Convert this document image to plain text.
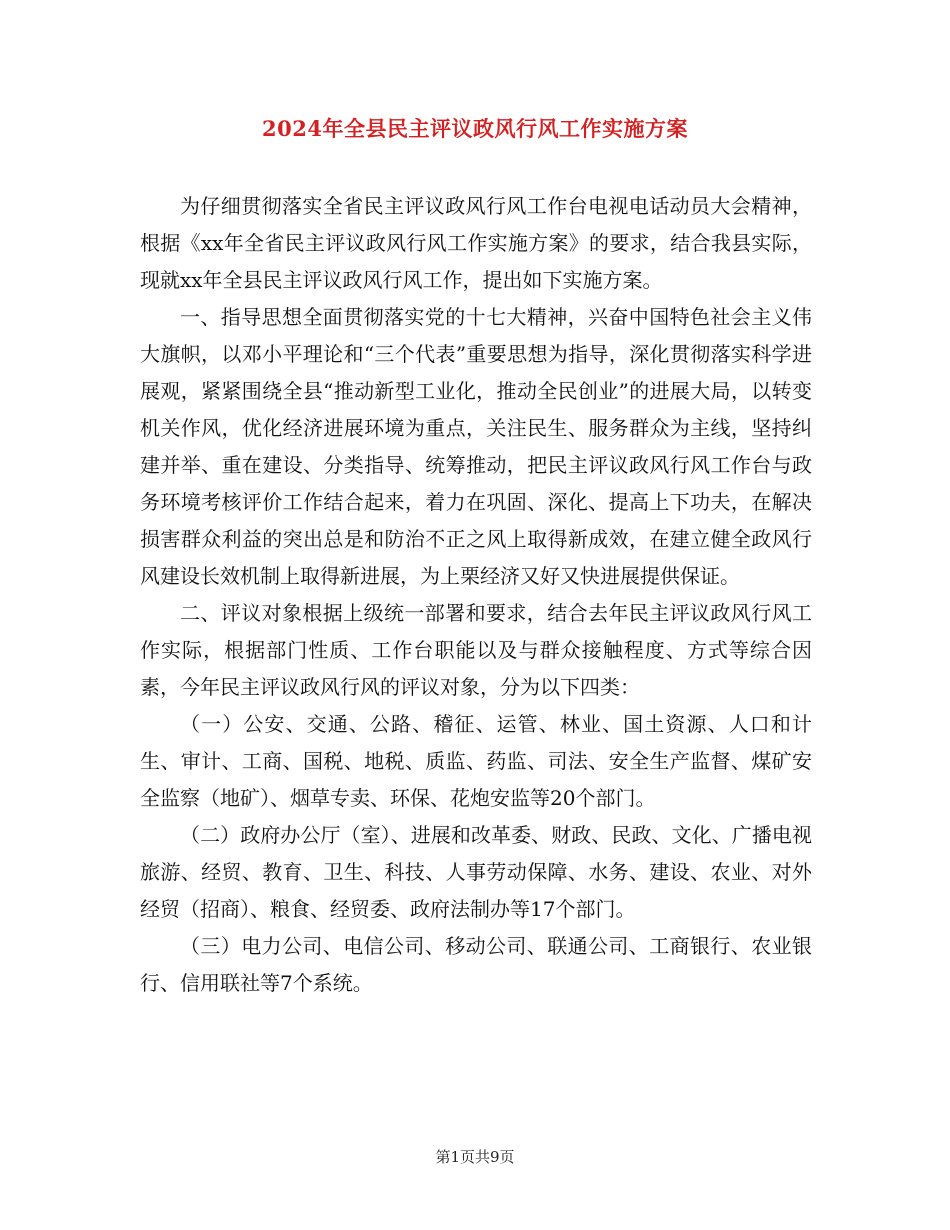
2024年全县民主评议政风行风工作实施方案

为仔细贯彻落实全省民主评议政风行风工作台电视电话动员大会精神，根据《xx年全省民主评议政风行风工作实施方案》的要求，结合我县实际，现就xx年全县民主评议政风行风工作，提出如下实施方案。

一、指导思想全面贯彻落实党的十七大精神，兴奋中国特色社会主义伟大旗帜，以邓小平理论和“三个代表”重要思想为指导，深化贯彻落实科学进展观，紧紧围绕全县“推动新型工业化，推动全民创业”的进展大局，以转变机关作风，优化经济进展环境为重点，关注民生、服务群众为主线，坚持纠建并举、重在建设、分类指导、统筹推动，把民主评议政风行风工作台与政务环境考核评价工作结合起来，着力在巩固、深化、提高上下功夫，在解决损害群众利益的突出总是和防治不正之风上取得新成效，在建立健全政风行风建设长效机制上取得新进展，为上栗经济又好又快进展提供保证。

二、评议对象根据上级统一部署和要求，结合去年民主评议政风行风工作实际，根据部门性质、工作台职能以及与群众接触程度、方式等综合因素，今年民主评议政风行风的评议对象，分为以下四类：

（一）公安、交通、公路、稽征、运管、林业、国土资源、人口和计生、审计、工商、国税、地税、质监、药监、司法、安全生产监督、煤矿安全监察（地矿）、烟草专卖、环保、花炮安监等20个部门。

（二）政府办公厅（室）、进展和改革委、财政、民政、文化、广播电视旅游、经贸、教育、卫生、科技、人事劳动保障、水务、建设、农业、对外经贸（招商）、粮食、经贸委、政府法制办等17个部门。

（三）电力公司、电信公司、移动公司、联通公司、工商银行、农业银行、信用联社等7个系统。

第1页共9页
